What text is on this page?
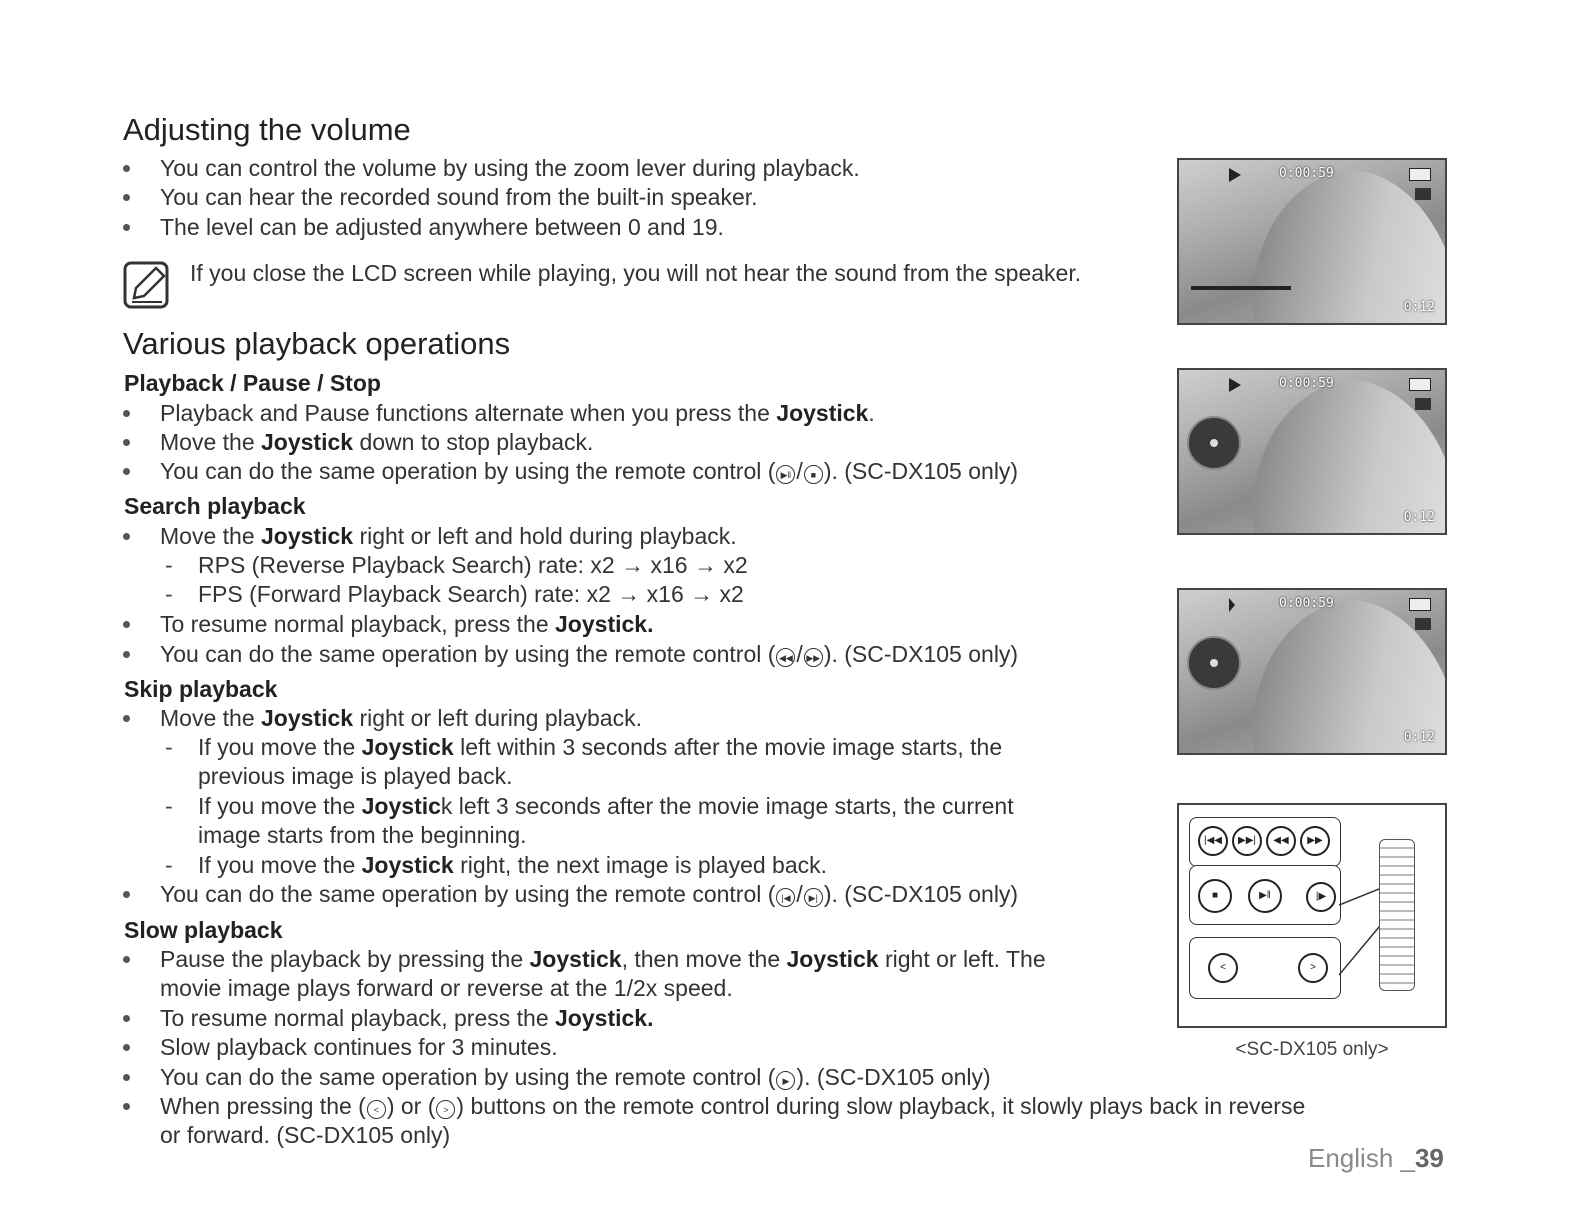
Adjusting the volume
You can control the volume by using the zoom lever during playback.
You can hear the recorded sound from the built-in speaker.
The level can be adjusted anywhere between 0 and 19.
If you close the LCD screen while playing, you will not hear the sound from the speaker.
Various playback operations
Playback / Pause / Stop
Playback and Pause functions alternate when you press the Joystick.
Move the Joystick down to stop playback.
You can do the same operation by using the remote control ( ▶‖ / ■ ). (SC-DX105 only)
Search playback
Move the Joystick right or left and hold during playback.
- RPS (Reverse Playback Search) rate: x2 → x16 → x2
- FPS (Forward Playback Search) rate: x2 → x16 → x2
To resume normal playback, press the Joystick.
You can do the same operation by using the remote control ( ◀◀ / ▶▶ ). (SC-DX105 only)
Skip playback
Move the Joystick right or left during playback.
- If you move the Joystick left within 3 seconds after the movie image starts, the
previous image is played back.
- If you move the Joystick left 3 seconds after the movie image starts, the current
image starts from the beginning.
- If you move the Joystick right, the next image is played back.
You can do the same operation by using the remote control ( |◀ / ▶| ). (SC-DX105 only)
Slow playback
Pause the playback by pressing the Joystick, then move the Joystick right or left. The
movie image plays forward or reverse at the 1/2x speed.
To resume normal playback, press the Joystick.
Slow playback continues for 3 minutes.
You can do the same operation by using the remote control ( ▶ ). (SC-DX105 only)
When pressing the ( < ) or ( > ) buttons on the remote control during slow playback, it slowly plays back in reverse
or forward. (SC-DX105 only)
0:00:59
0:12
0:00:59
0:12
0:00:59
0:12
|◀◀	▶▶|	◀◀	▶▶
■	▶‖	|▶
<	>
<SC-DX105 only>
English _39
